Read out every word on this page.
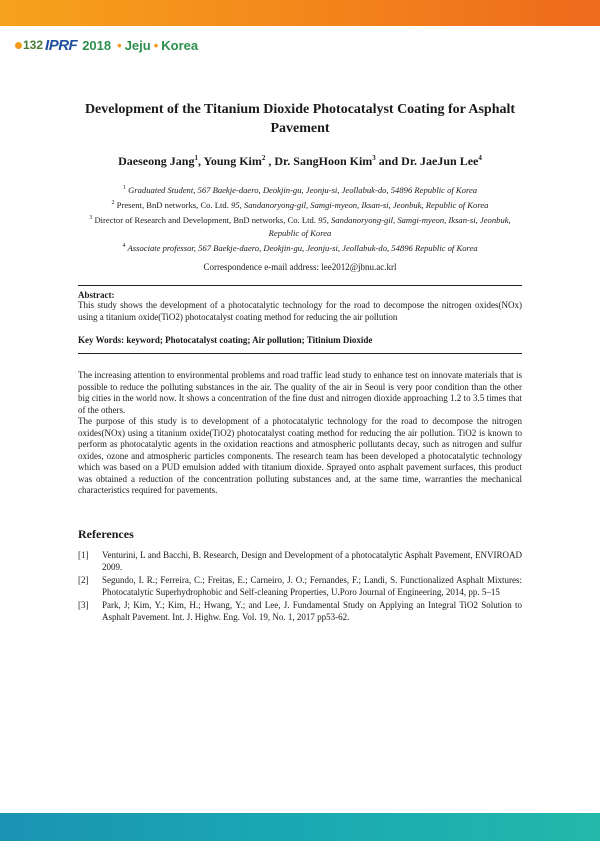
132 IPRF 2018 • Jeju • Korea
Development of the Titanium Dioxide Photocatalyst Coating for Asphalt Pavement
Daeseong Jang$^1$, Young Kim$^2$ , Dr. SangHoon Kim$^3$ and Dr. JaeJun Lee$^4$
$^1$ Graduated Student, 567 Baekje-daero, Deokjin-gu, Jeonju-si, Jeollabuk-do, 54896 Republic of Korea
$^2$ Present, BnD networks, Co. Ltd. 95, Sandanoryong-gil, Samgi-myeon, Iksan-si, Jeonbuk, Republic of Korea
$^3$ Director of Research and Development, BnD networks, Co. Ltd. 95, Sandanoryong-gil, Samgi-myeon, Iksan-si, Jeonbuk, Republic of Korea
$^4$ Associate professor, 567 Baekje-daero, Deokjin-gu, Jeonju-si, Jeollabuk-do, 54896 Republic of Korea
Correspondence e-mail address: lee2012@jbnu.ac.krl

Abstract:

This study shows the development of a photocatalytic technology for the road to decompose the nitrogen oxides(NOx) using a titanium oxide(TiO2) photocatalyst coating method for reducing the air pollution

Key Words: keyword; Photocatalyst coating; Air pollution; Titinium Dioxide

The increasing attention to environmental problems and road traffic lead study to enhance test on innovate materials that is possible to reduce the polluting substances in the air. The quality of the air in Seoul is very poor condition than the other big cities in the world now. It shows a concentration of the fine dust and nitrogen dioxide approaching 1.2 to 3.5 times that of the others.

The purpose of this study is to development of a photocatalytic technology for the road to decompose the nitrogen oxides(NOx) using a titanium oxide(TiO2) photocatalyst coating method for reducing the air pollution. TiO2 is known to perform as photocatalytic agents in the oxidation reactions and atmospheric pollutants decay, such as nitrogen and sulfur oxides, ozone and atmospheric particles components. The research team has been developed a photocatalytic technology which was based on a PUD emulsion added with titanium dioxide. Sprayed onto asphalt pavement surfaces, this product was obtained a reduction of the concentration polluting substances and, at the same time, warranties the mechanical characteristics required for pavements.

References
[1]	Venturini, L and Bacchi, B. Research, Design and Development of a photocatalytic Asphalt Pavement, ENVIROAD 2009.
[2]	Segundo, I. R.; Ferreira, C.; Freitas, E.; Carneiro, J. O.; Fernandes, F.; Landi, S. Functionalized Asphalt Mixtures: Photocatalytic Superhydrophobic and Self-cleaning Properties, U.Poro Journal of Engineering, 2014, pp. 5–15
[3]	Park, J; Kim, Y.; Kim, H.; Hwang, Y.; and Lee, J. Fundamental Study on Applying an Integral TiO2 Solution to Asphalt Pavement. Int. J. Highw. Eng. Vol. 19, No. 1, 2017 pp53-62.
